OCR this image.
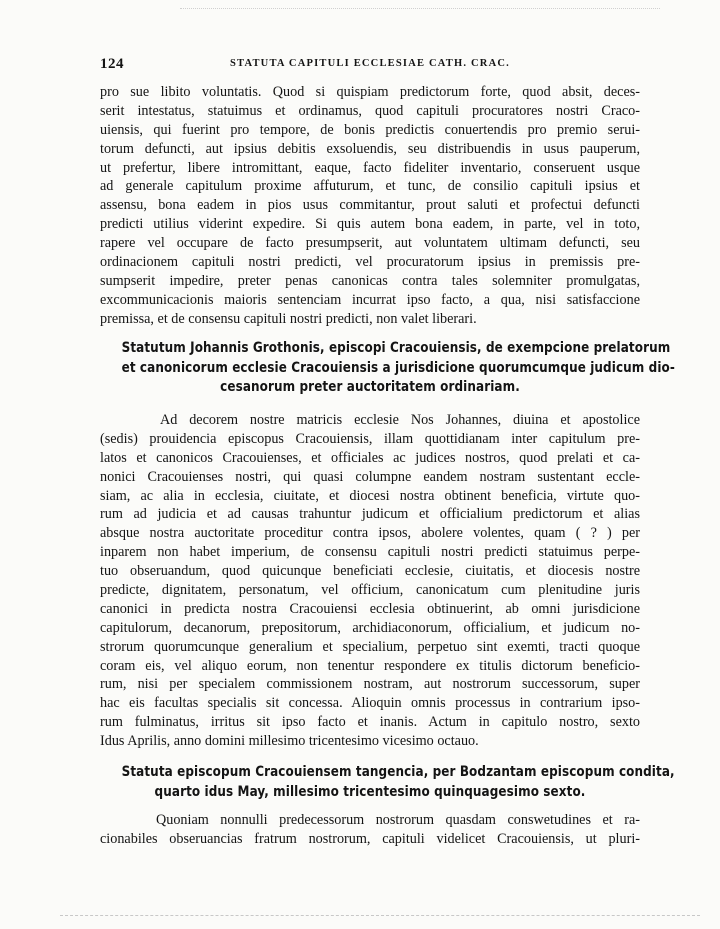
124	STATUTA CAPITULI ECCLESIAE CATH. CRAC.
pro sue libito voluntatis. Quod si quispiam predictorum forte, quod absit, deces-
serit intestatus, statuimus et ordinamus, quod capituli procuratores nostri Craco-
uiensis, qui fuerint pro tempore, de bonis predictis conuertendis pro premio serui-
torum defuncti, aut ipsius debitis exsoluendis, seu distribuendis in usus pauperum,
ut prefertur, libere intromittant, eaque, facto fideliter inventario, conseruent usque
ad generale capitulum proxime affuturum, et tunc, de consilio capituli ipsius et
assensu, bona eadem in pios usus commitantur, prout saluti et profectui defuncti
predicti utilius viderint expedire. Si quis autem bona eadem, in parte, vel in toto,
rapere vel occupare de facto presumpserit, aut voluntatem ultimam defuncti, seu
ordinacionem capituli nostri predicti, vel procuratorum ipsius in premissis pre-
sumpserit impedire, preter penas canonicas contra tales solemniter promulgatas,
excommunicacionis maioris sentenciam incurrat ipso facto, a qua, nisi satisfaccione
premissa, et de consensu capituli nostri predicti, non valet liberari.
Statutum Johannis Grothonis, episcopi Cracouiensis, de exempcione prelatorum
et canonicorum ecclesie Cracouiensis a jurisdicione quorumcumque judicum dio-
cesanorum preter auctoritatem ordinariam.
Ad decorem nostre matricis ecclesie Nos Johannes, diuina et apostolice
(sedis) prouidencia episcopus Cracouiensis, illam quottidianam inter capitulum pre-
latos et canonicos Cracouienses, et officiales ac judices nostros, quod prelati et ca-
nonici Cracouienses nostri, qui quasi columpne eandem nostram sustentant eccle-
siam, ac alia in ecclesia, ciuitate, et diocesi nostra obtinent beneficia, virtute quo-
rum ad judicia et ad causas trahuntur judicum et officialium predictorum et alias
absque nostra auctoritate proceditur contra ipsos, abolere volentes, quam ( ? ) per
inparem non habet imperium, de consensu capituli nostri predicti statuimus perpe-
tuo obseruandum, quod quicunque beneficiati ecclesie, ciuitatis, et diocesis nostre
predicte, dignitatem, personatum, vel officium, canonicatum cum plenitudine juris
canonici in predicta nostra Cracouiensi ecclesia obtinuerint, ab omni jurisdicione
capitulorum, decanorum, prepositorum, archidiaconorum, officialium, et judicum no-
strorum quorumcunque generalium et specialium, perpetuo sint exemti, tracti quoque
coram eis, vel aliquo eorum, non tenentur respondere ex titulis dictorum beneficio-
rum, nisi per specialem commissionem nostram, aut nostrorum successorum, super
hac eis facultas specialis sit concessa. Alioquin omnis processus in contrarium ipso-
rum fulminatus, irritus sit ipso facto et inanis. Actum in capitulo nostro, sexto
Idus Aprilis, anno domini millesimo tricentesimo vicesimo octauo.
Statuta episcopum Cracouiensem tangencia, per Bodzantam episcopum condita,
quarto idus May, millesimo tricentesimo quinquagesimo sexto.
Quoniam nonnulli predecessorum nostrorum quasdam conswetudines et ra-
cionabiles obseruancias fratrum nostrorum, capituli videlicet Cracouiensis, ut pluri-
